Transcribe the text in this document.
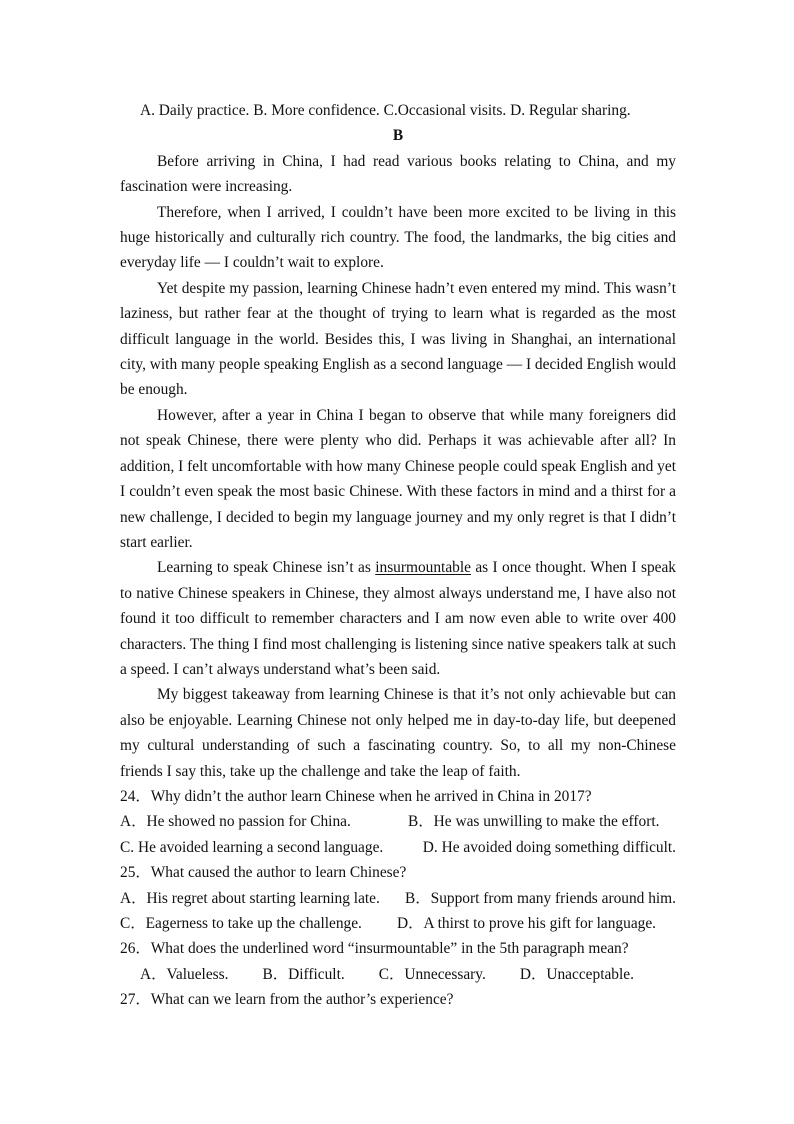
A. Daily practice. B. More confidence. C.Occasional visits. D. Regular sharing.
B

Before arriving in China, I had read various books relating to China, and my fascination were increasing.

Therefore, when I arrived, I couldn’t have been more excited to be living in this huge historically and culturally rich country. The food, the landmarks, the big cities and everyday life — I couldn’t wait to explore.

Yet despite my passion, learning Chinese hadn’t even entered my mind. This wasn’t laziness, but rather fear at the thought of trying to learn what is regarded as the most difficult language in the world. Besides this, I was living in Shanghai, an international city, with many people speaking English as a second language — I decided English would be enough.

However, after a year in China I began to observe that while many foreigners did not speak Chinese, there were plenty who did. Perhaps it was achievable after all? In addition, I felt uncomfortable with how many Chinese people could speak English and yet I couldn’t even speak the most basic Chinese. With these factors in mind and a thirst for a new challenge, I decided to begin my language journey and my only regret is that I didn’t start earlier.

Learning to speak Chinese isn’t as insurmountable as I once thought. When I speak to native Chinese speakers in Chinese, they almost always understand me, I have also not found it too difficult to remember characters and I am now even able to write over 400 characters. The thing I find most challenging is listening since native speakers talk at such a speed. I can’t always understand what’s been said.

My biggest takeaway from learning Chinese is that it’s not only achievable but can also be enjoyable. Learning Chinese not only helped me in day-to-day life, but deepened my cultural understanding of such a fascinating country. So, to all my non-Chinese friends I say this, take up the challenge and take the leap of faith.

24．Why didn’t the author learn Chinese when he arrived in China in 2017?
A．He showed no passion for China.	B．He was unwilling to make the effort.
C. He avoided learning a second language.	D. He avoided doing something difficult.
25．What caused the author to learn Chinese?
A．His regret about starting learning late. B．Support from many friends around him.
C．Eagerness to take up the challenge.	D．A thirst to prove his gift for language.
26．What does the underlined word “insurmountable” in the 5th paragraph mean?
A．Valueless. B．Difficult. C．Unnecessary. D．Unacceptable.
27．What can we learn from the author’s experience?
